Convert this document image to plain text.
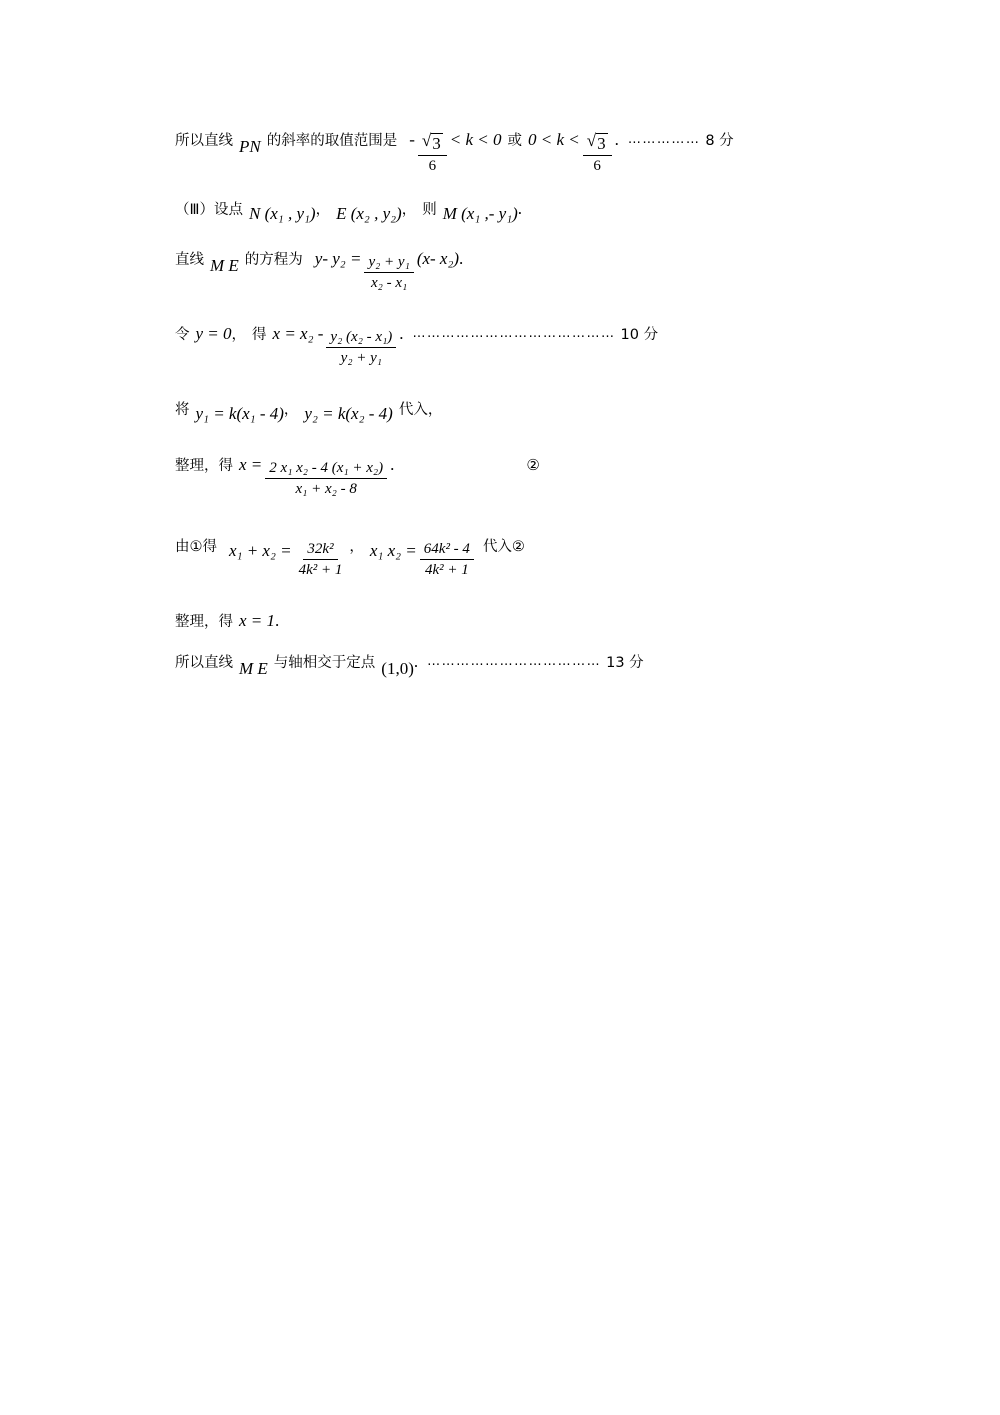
所以直线 PN 的斜率的取值范围是 - $\frac{√ 3}{6} < k < 0$ 或 $0 < k < \frac{√ 3}{6}$ . …………… 8 分
（Ⅲ）设点 N (x₁ , y₁) ， E (x₂ , y₂) ， 则 M (x₁ ,- y₁) .
直线 M E 的方程为 y- $y_2 = \frac{\text{y₂ + y₁}}{\text{x₂ - x₁}} (x-$ x₂) .
令 y = 0 ， 得 $x = x_2 - \frac{\text{y₂ (x₂ - x₁)}}{\text{y₂ + y₁}}$ . …………………………………… 10 分
将 y₁ = k(x₁ - 4) ， y₂ = k(x₂ - 4) 代入，
整理，得 $x = \frac{\text{2 x₁ x₂ - 4 (x₁ + x₂)}}{\text{x₁ + x₂ - 8}}$ .	②
由①得 $x_1 + x_2 = \frac{\text{32k²}}{\text{4k² + 1}}$ ， x₁ $x_2 = \frac{\text{64k² - 4}}{\text{4k² + 1}}$ 代入②
整理，得 x = 1 .
所以直线 M E 与轴相交于定点 (1,0) . ……………………………… 13 分
